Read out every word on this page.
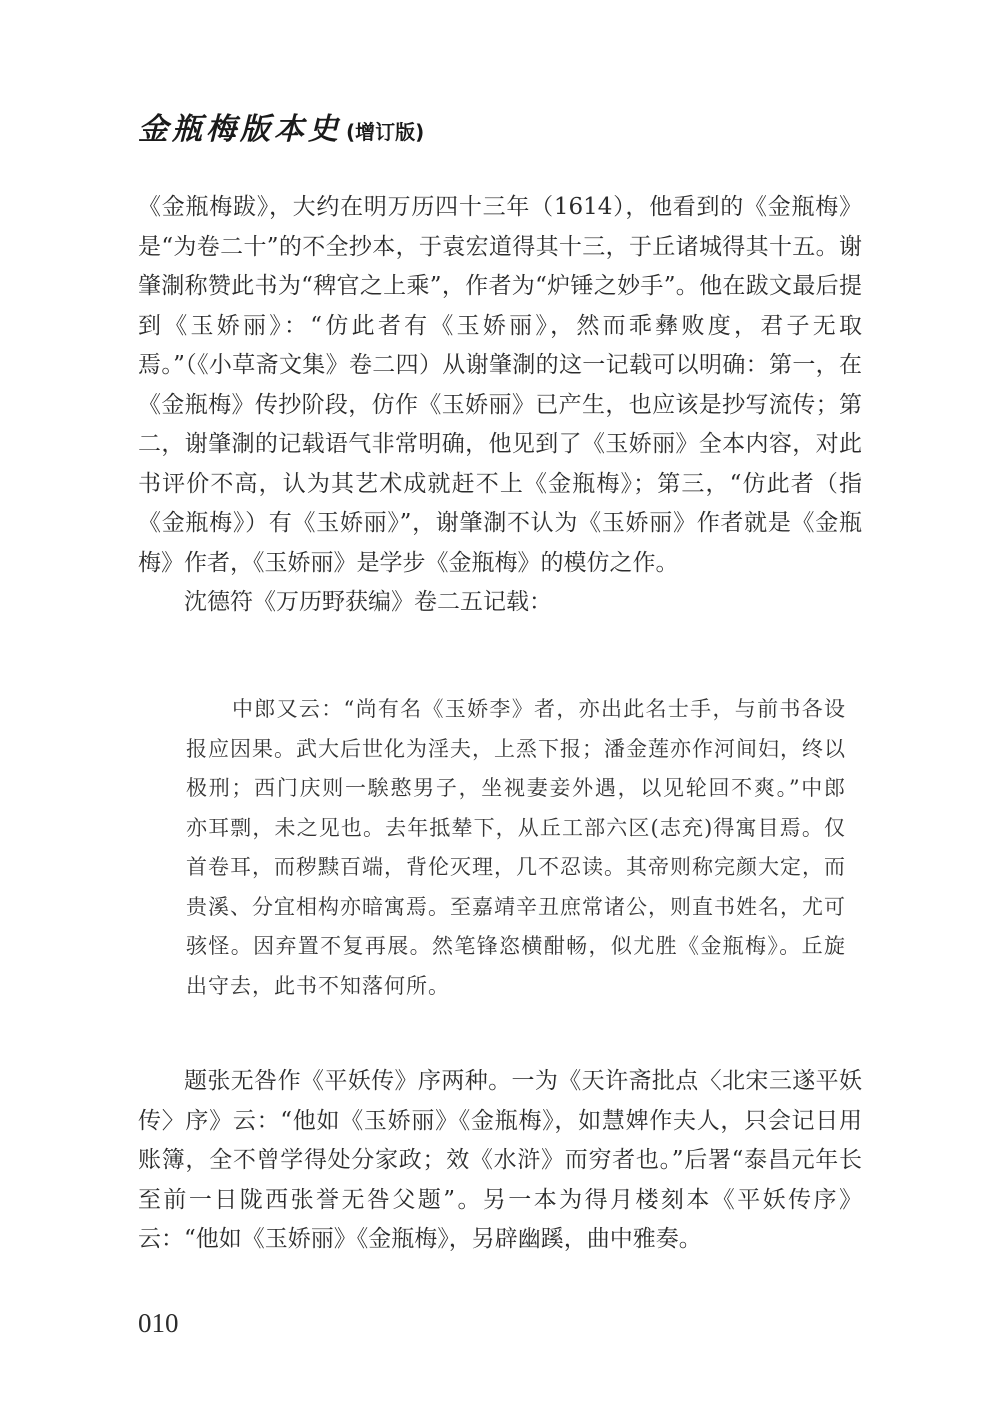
金瓶梅版本史 (增订版)

《金瓶梅跋》，大约在明万历四十三年（1614），他看到的《金瓶梅》是“为卷二十”的不全抄本，于袁宏道得其十三，于丘诸城得其十五。谢肇淛称赞此书为“稗官之上乘”，作者为“炉锤之妙手”。他在跋文最后提到《玉娇丽》：“仿此者有《玉娇丽》，然而乖彝败度，君子无取焉。”（《小草斋文集》卷二四）从谢肇淛的这一记载可以明确：第一，在《金瓶梅》传抄阶段，仿作《玉娇丽》已产生，也应该是抄写流传；第二，谢肇淛的记载语气非常明确，他见到了《玉娇丽》全本内容，对此书评价不高，认为其艺术成就赶不上《金瓶梅》；第三，“仿此者（指《金瓶梅》）有《玉娇丽》”，谢肇淛不认为《玉娇丽》作者就是《金瓶梅》作者，《玉娇丽》是学步《金瓶梅》的模仿之作。

沈德符《万历野获编》卷二五记载：

中郎又云：“尚有名《玉娇李》者，亦出此名士手，与前书各设报应因果。武大后世化为淫夫，上烝下报；潘金莲亦作河间妇，终以极刑；西门庆则一騃憨男子，坐视妻妾外遇，以见轮回不爽。”中郎亦耳剽，未之见也。去年抵辇下，从丘工部六区(志充)得寓目焉。仅首卷耳，而秽黩百端，背伦灭理，几不忍读。其帝则称完颜大定，而贵溪、分宜相构亦暗寓焉。至嘉靖辛丑庶常诸公，则直书姓名，尤可骇怪。因弃置不复再展。然笔锋恣横酣畅，似尤胜《金瓶梅》。丘旋出守去，此书不知落何所。

题张无咎作《平妖传》序两种。一为《天许斋批点〈北宋三遂平妖传〉序》云：“他如《玉娇丽》《金瓶梅》，如慧婢作夫人，只会记日用账簿，全不曾学得处分家政；效《水浒》而穷者也。”后署“泰昌元年长至前一日陇西张誉无咎父题”。另一本为得月楼刻本《平妖传序》云：“他如《玉娇丽》《金瓶梅》，另辟幽蹊，曲中雅奏。

010
